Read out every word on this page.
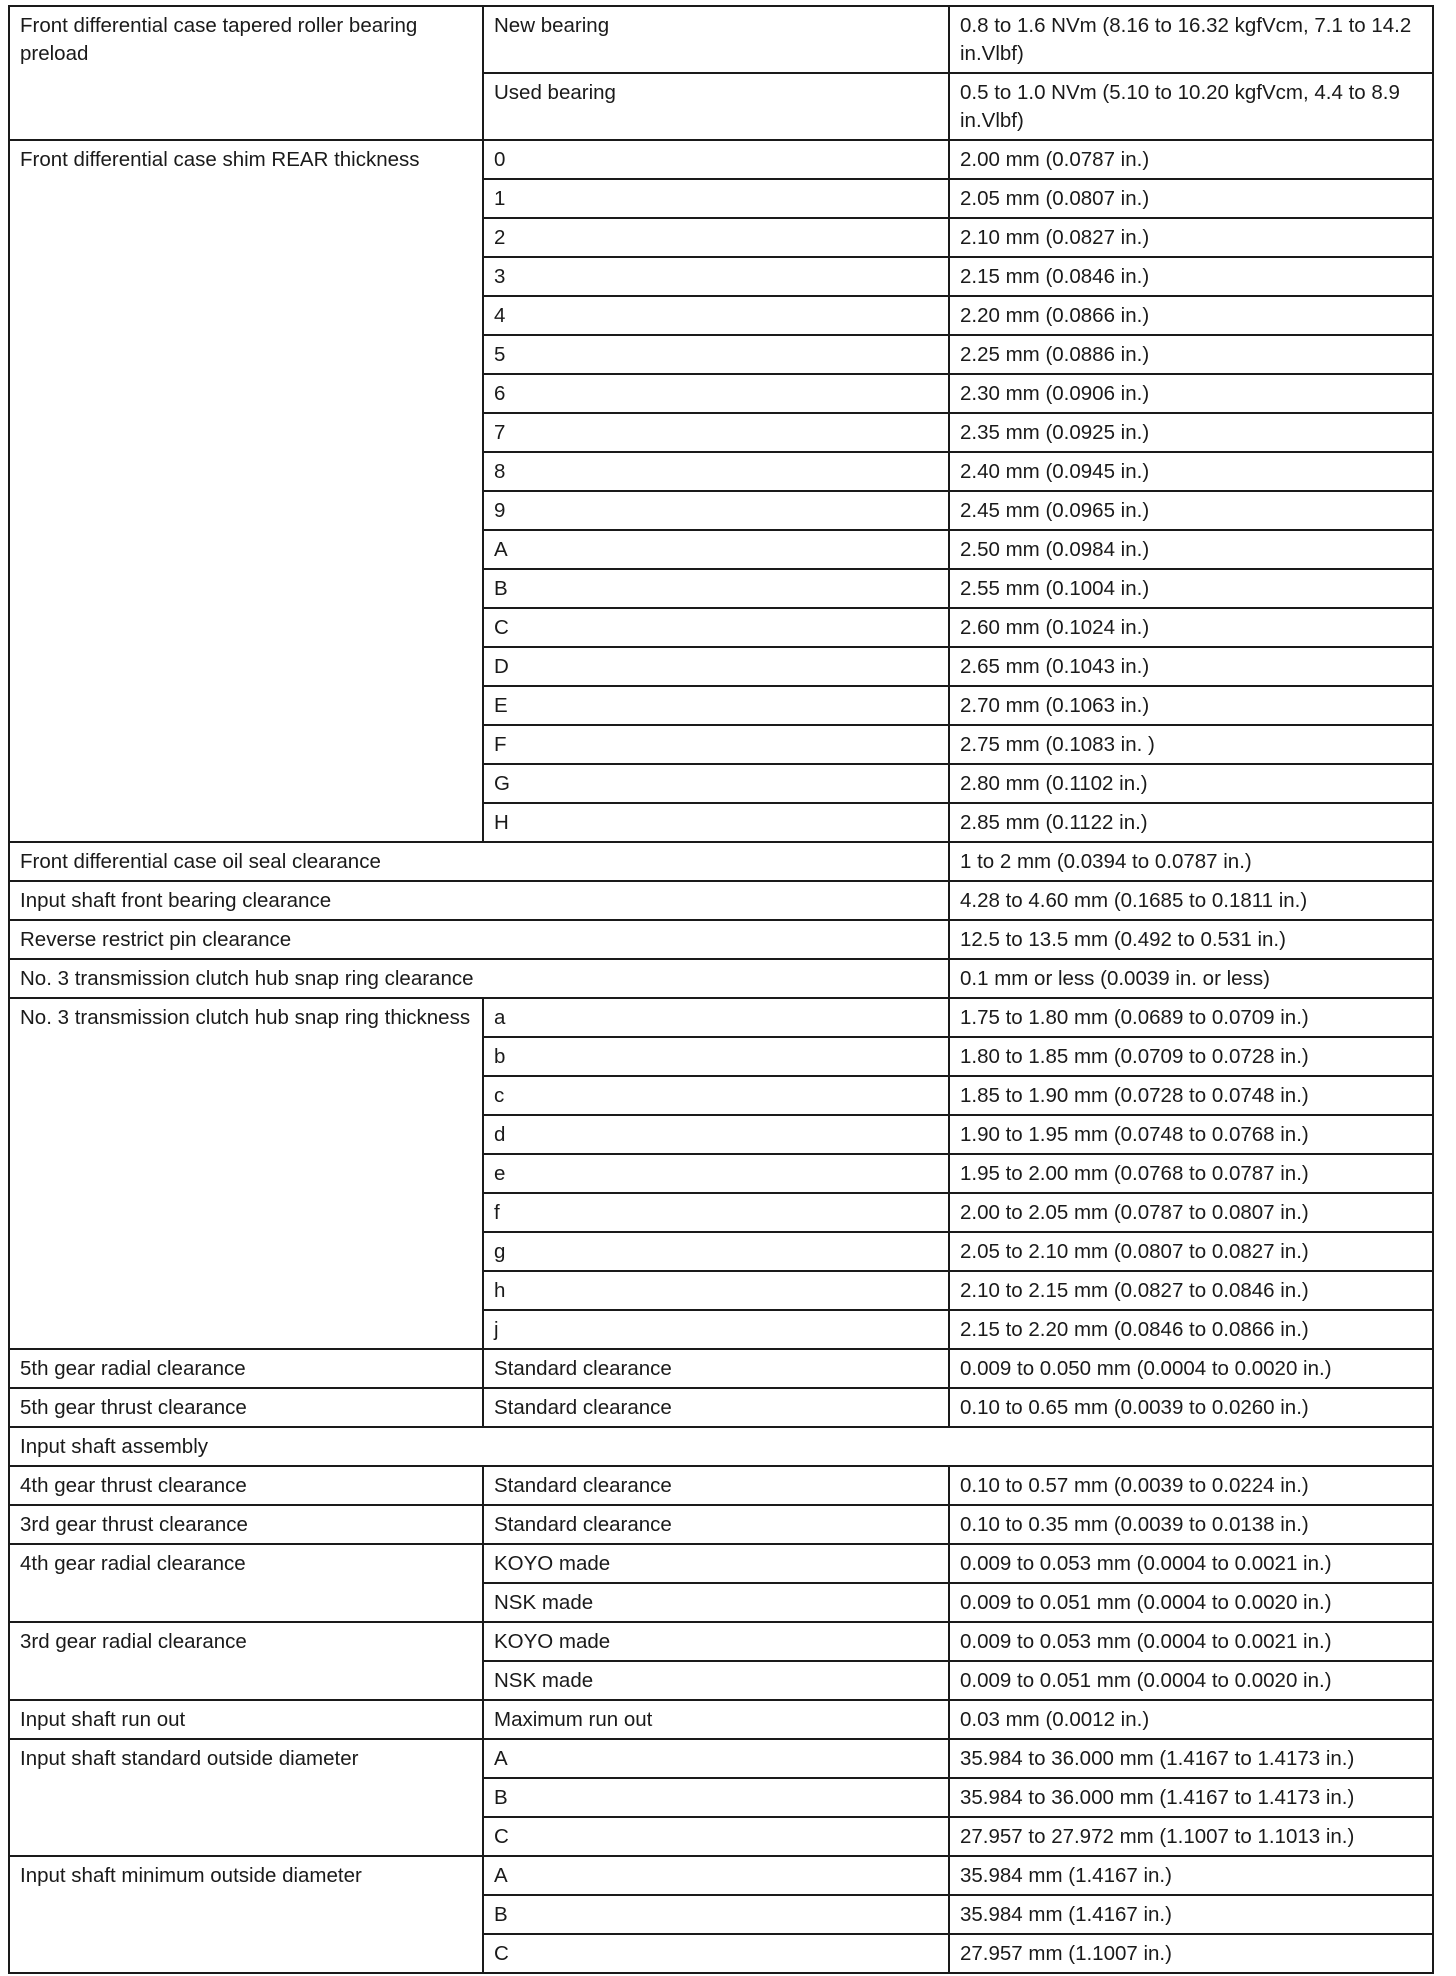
Front differential case tapered roller bearing preload	New bearing	0.8 to 1.6 NVm (8.16 to 16.32 kgfVcm, 7.1 to 14.2 in.Vlbf)
	Used bearing	0.5 to 1.0 NVm (5.10 to 10.20 kgfVcm, 4.4 to 8.9 in.Vlbf)
Front differential case shim REAR thickness	0	2.00 mm (0.0787 in.)
	1	2.05 mm (0.0807 in.)
	2	2.10 mm (0.0827 in.)
	3	2.15 mm (0.0846 in.)
	4	2.20 mm (0.0866 in.)
	5	2.25 mm (0.0886 in.)
	6	2.30 mm (0.0906 in.)
	7	2.35 mm (0.0925 in.)
	8	2.40 mm (0.0945 in.)
	9	2.45 mm (0.0965 in.)
	A	2.50 mm (0.0984 in.)
	B	2.55 mm (0.1004 in.)
	C	2.60 mm (0.1024 in.)
	D	2.65 mm (0.1043 in.)
	E	2.70 mm (0.1063 in.)
	F	2.75 mm (0.1083 in. )
	G	2.80 mm (0.1102 in.)
	H	2.85 mm (0.1122 in.)
Front differential case oil seal clearance		1 to 2 mm (0.0394 to 0.0787 in.)
Input shaft front bearing clearance		4.28 to 4.60 mm (0.1685 to 0.1811 in.)
Reverse restrict pin clearance		12.5 to 13.5 mm (0.492 to 0.531 in.)
No. 3 transmission clutch hub snap ring clearance		0.1 mm or less (0.0039 in. or less)
No. 3 transmission clutch hub snap ring thickness	a	1.75 to 1.80 mm (0.0689 to 0.0709 in.)
	b	1.80 to 1.85 mm (0.0709 to 0.0728 in.)
	c	1.85 to 1.90 mm (0.0728 to 0.0748 in.)
	d	1.90 to 1.95 mm (0.0748 to 0.0768 in.)
	e	1.95 to 2.00 mm (0.0768 to 0.0787 in.)
	f	2.00 to 2.05 mm (0.0787 to 0.0807 in.)
	g	2.05 to 2.10 mm (0.0807 to 0.0827 in.)
	h	2.10 to 2.15 mm (0.0827 to 0.0846 in.)
	j	2.15 to 2.20 mm (0.0846 to 0.0866 in.)
5th gear radial clearance	Standard clearance	0.009 to 0.050 mm (0.0004 to 0.0020 in.)
5th gear thrust clearance	Standard clearance	0.10 to 0.65 mm (0.0039 to 0.0260 in.)
Input shaft assembly		
4th gear thrust clearance	Standard clearance	0.10 to 0.57 mm (0.0039 to 0.0224 in.)
3rd gear thrust clearance	Standard clearance	0.10 to 0.35 mm (0.0039 to 0.0138 in.)
4th gear radial clearance	KOYO made	0.009 to 0.053 mm (0.0004 to 0.0021 in.)
	NSK made	0.009 to 0.051 mm (0.0004 to 0.0020 in.)
3rd gear radial clearance	KOYO made	0.009 to 0.053 mm (0.0004 to 0.0021 in.)
	NSK made	0.009 to 0.051 mm (0.0004 to 0.0020 in.)
Input shaft run out	Maximum run out	0.03 mm (0.0012 in.)
Input shaft standard outside diameter	A	35.984 to 36.000 mm (1.4167 to 1.4173 in.)
	B	35.984 to 36.000 mm (1.4167 to 1.4173 in.)
	C	27.957 to 27.972 mm (1.1007 to 1.1013 in.)
Input shaft minimum outside diameter	A	35.984 mm (1.4167 in.)
	B	35.984 mm (1.4167 in.)
	C	27.957 mm (1.1007 in.)
